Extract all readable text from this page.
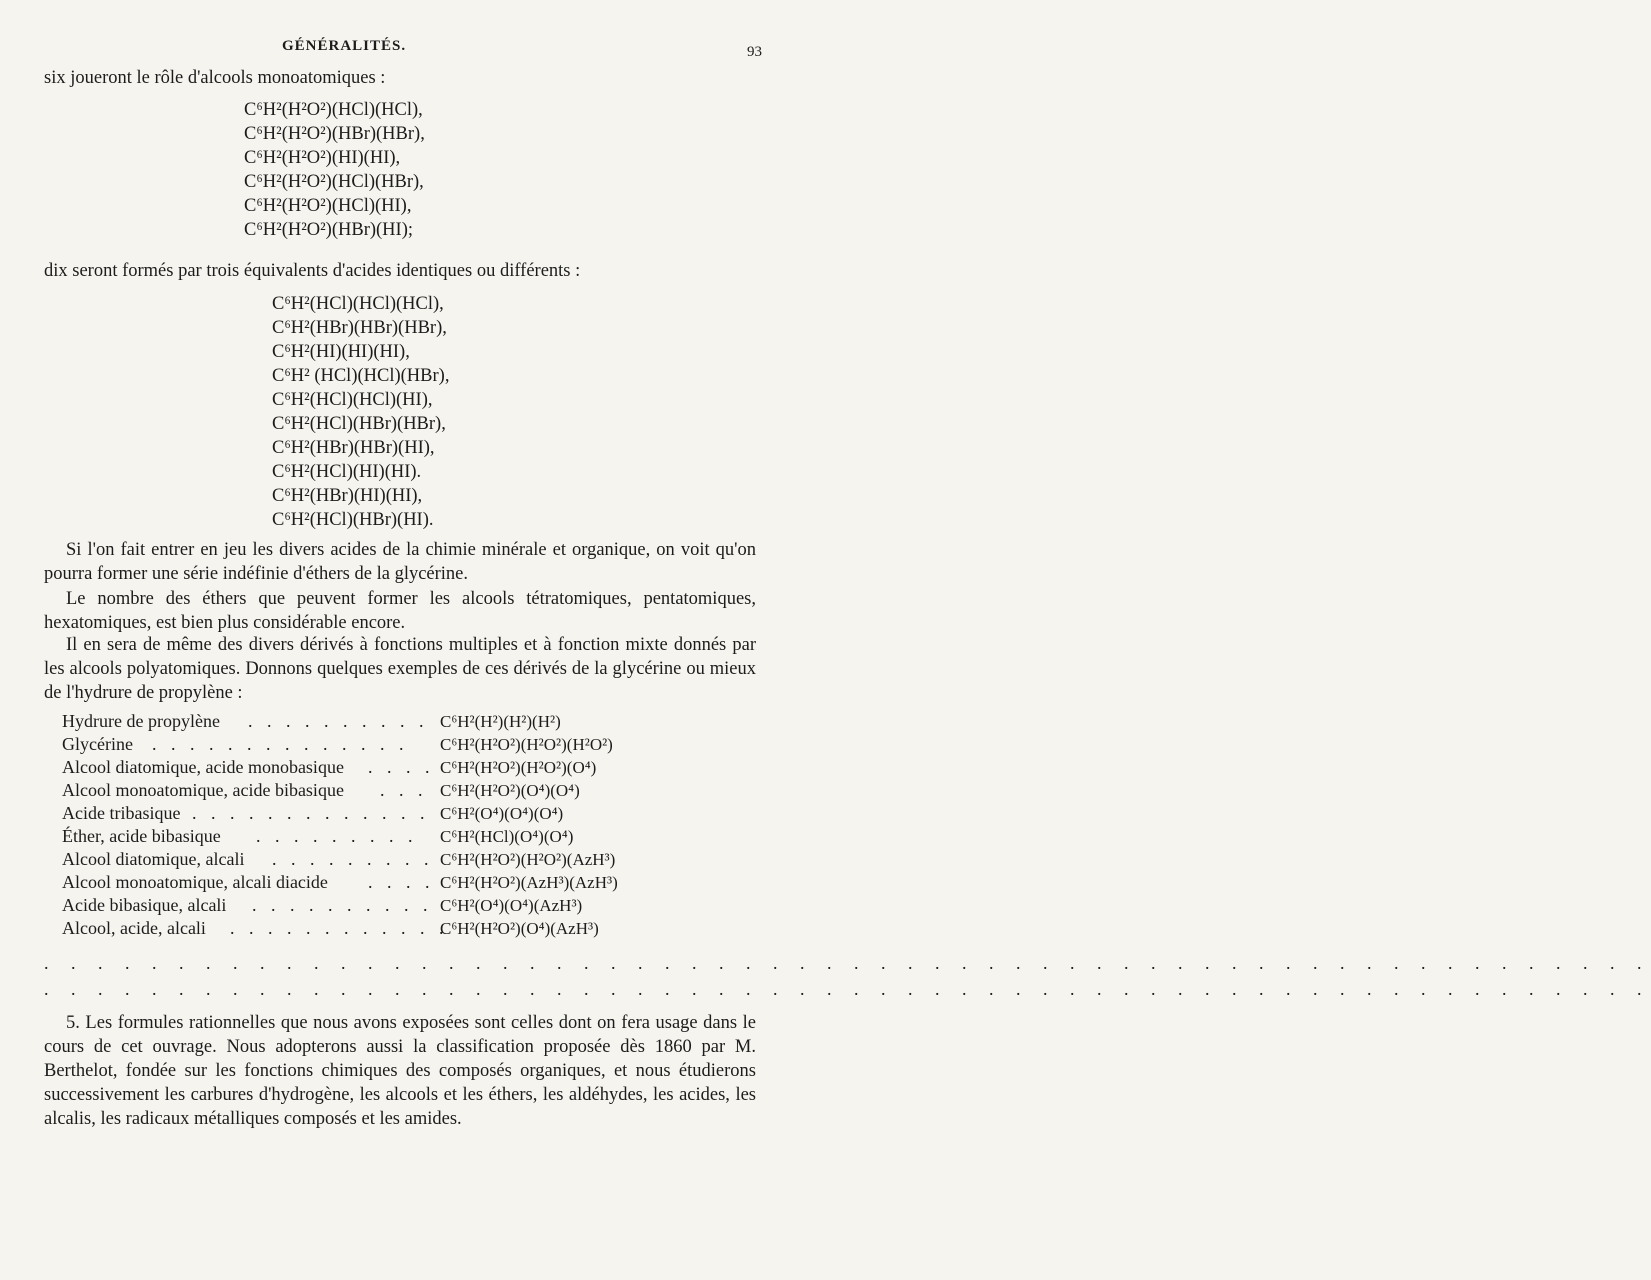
GÉNÉRALITÉS.	93
six joueront le rôle d'alcools monoatomiques :
C⁶H²(H²O²)(HCl)(HCl),
C⁶H²(H²O²)(HBr)(HBr),
C⁶H²(H²O²)(HI)(HI),
C⁶H²(H²O²)(HCl)(HBr),
C⁶H²(H²O²)(HCl)(HI),
C⁶H²(H²O²)(HBr)(HI);
dix seront formés par trois équivalents d'acides identiques ou différents :
C⁶H²(HCl)(HCl)(HCl),
C⁶H²(HBr)(HBr)(HBr),
C⁶H²(HI)(HI)(HI),
C⁶H² (HCl)(HCl)(HBr),
C⁶H²(HCl)(HCl)(HI),
C⁶H²(HCl)(HBr)(HBr),
C⁶H²(HBr)(HBr)(HI),
C⁶H²(HCl)(HI)(HI).
C⁶H²(HBr)(HI)(HI),
C⁶H²(HCl)(HBr)(HI).
Si l'on fait entrer en jeu les divers acides de la chimie minérale et organique, on voit qu'on pourra former une série indéfinie d'éthers de la glycérine.
Le nombre des éthers que peuvent former les alcools tétratomiques, pentatomiques, hexatomiques, est bien plus considérable encore.
Il en sera de même des divers dérivés à fonctions multiples et à fonction mixte donnés par les alcools polyatomiques. Donnons quelques exemples de ces dérivés de la glycérine ou mieux de l'hydrure de propylène :
Hydrure de propylène . . . . . . . . . . C⁶H²(H²)(H²)(H²)
Glycérine . . . . . . . . . . . . . . C⁶H²(H²O²)(H²O²)(H²O²)
Alcool diatomique, acide monobasique . . . . C⁶H²(H²O²)(H²O²)(O⁴)
Alcool monoatomique, acide bibasique . . . C⁶H²(H²O²)(O⁴)(O⁴)
Acide tribasique . . . . . . . . . . . . . C⁶H²(O⁴)(O⁴)(O⁴)
Éther, acide bibasique . . . . . . . . . C⁶H²(HCl)(O⁴)(O⁴)
Alcool diatomique, alcali . . . . . . . . . C⁶H²(H²O²)(H²O²)(AzH³)
Alcool monoatomique, alcali diacide . . . . C⁶H²(H²O²)(AzH³)(AzH³)
Acide bibasique, alcali . . . . . . . . . . C⁶H²(O⁴)(O⁴)(AzH³)
Alcool, acide, alcali . . . . . . . . . . . .
C⁶H²(H²O²)(O⁴)(AzH³)
. . . . . . . . . . . . . . . . . . . . . . . . . . . . . . . . . . . . . . . . . . . . . . . . . . . . . . . . . . . .
. . . . . . . . . . . . . . . . . . . . . . . . . . . . . . . . . . . . . . . . . . . . . . . . . . . . . . . . . . . .
5. Les formules rationnelles que nous avons exposées sont celles dont on fera usage dans le cours de cet ouvrage. Nous adopterons aussi la classification proposée dès 1860 par M. Berthelot, fondée sur les fonctions chimiques des composés organiques, et nous étudierons successivement les carbures d'hydrogène, les alcools et les éthers, les aldéhydes, les acides, les alcalis, les radicaux métalliques composés et les amides.
